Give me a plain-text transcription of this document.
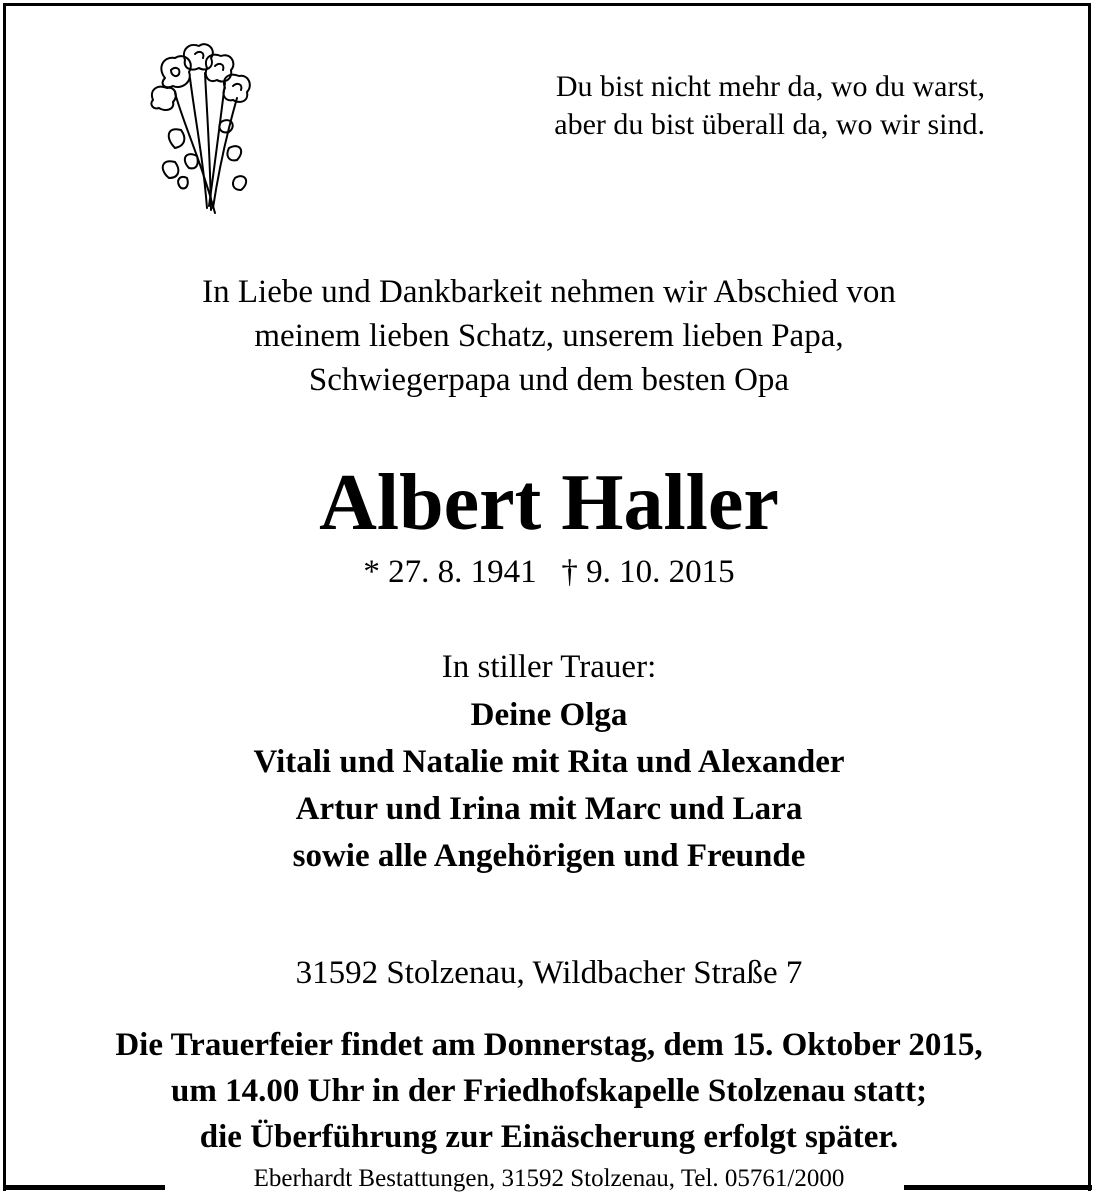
Du bist nicht mehr da, wo du warst,
aber du bist überall da, wo wir sind.
In Liebe und Dankbarkeit nehmen wir Abschied von
meinem lieben Schatz, unserem lieben Papa,
Schwiegerpapa und dem besten Opa
Albert Haller
* 27. 8. 1941   † 9. 10. 2015
In stiller Trauer:
Deine Olga
Vitali und Natalie mit Rita und Alexander
Artur und Irina mit Marc und Lara
sowie alle Angehörigen und Freunde
31592 Stolzenau, Wildbacher Straße 7
Die Trauerfeier findet am Donnerstag, dem 15. Oktober 2015,
um 14.00 Uhr in der Friedhofskapelle Stolzenau statt;
die Überführung zur Einäscherung erfolgt später.
Eberhardt Bestattungen, 31592 Stolzenau, Tel. 05761/2000
